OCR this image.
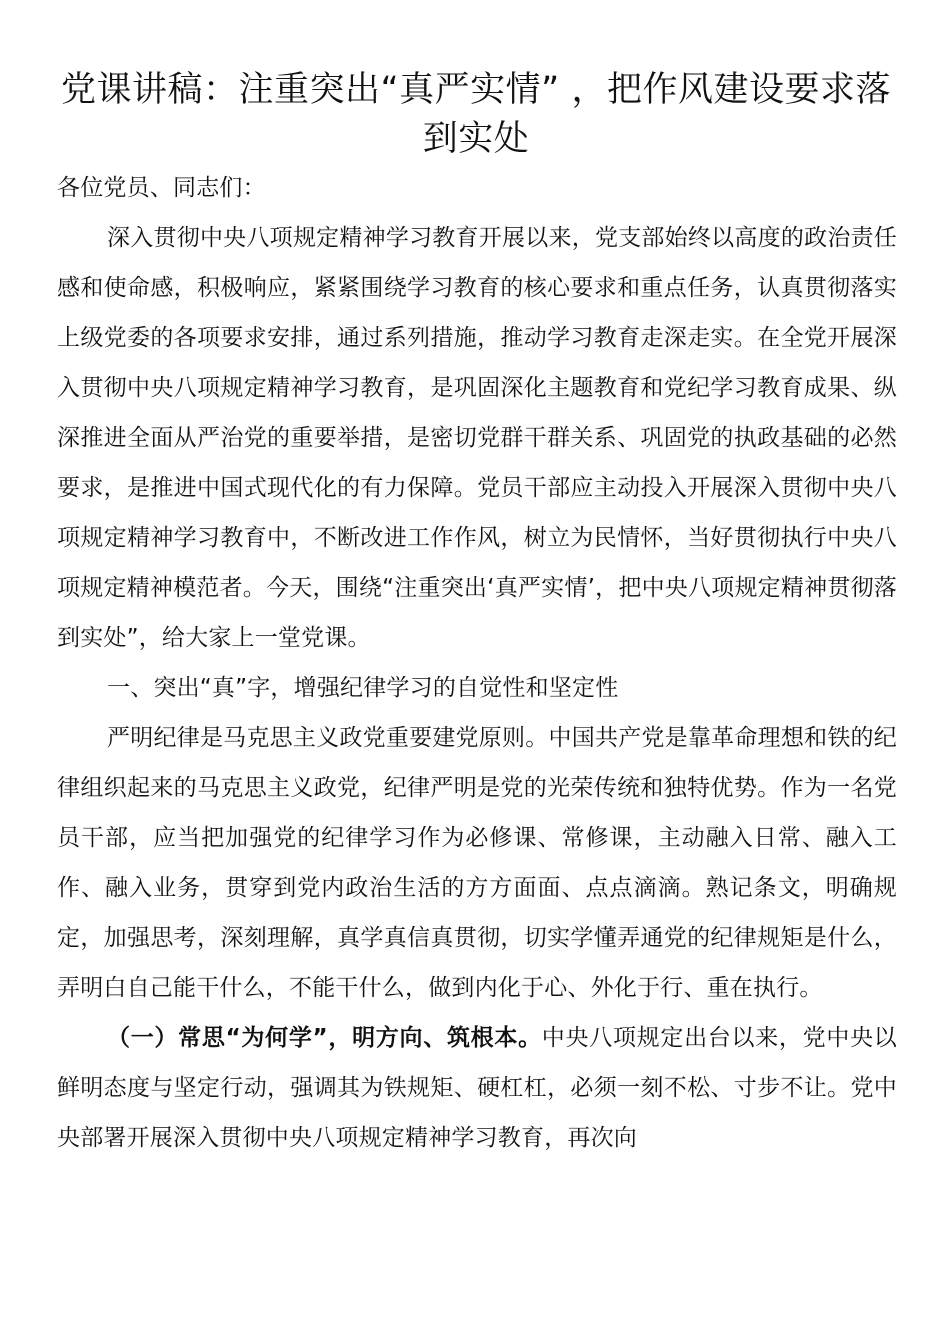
党课讲稿：注重突出“真严实情” ，把作风建设要求落到实处

各位党员、同志们：

深入贯彻中央八项规定精神学习教育开展以来，党支部始终以高度的政治责任感和使命感，积极响应，紧紧围绕学习教育的核心要求和重点任务，认真贯彻落实上级党委的各项要求安排，通过系列措施，推动学习教育走深走实。在全党开展深入贯彻中央八项规定精神学习教育，是巩固深化主题教育和党纪学习教育成果、纵深推进全面从严治党的重要举措，是密切党群干群关系、巩固党的执政基础的必然要求，是推进中国式现代化的有力保障。党员干部应主动投入开展深入贯彻中央八项规定精神学习教育中，不断改进工作作风，树立为民情怀，当好贯彻执行中央八项规定精神模范者。今天，围绕“注重突出‘真严实情’，把中央八项规定精神贯彻落到实处”，给大家上一堂党课。

一、突出“真”字，增强纪律学习的自觉性和坚定性

严明纪律是马克思主义政党重要建党原则。中国共产党是靠革命理想和铁的纪律组织起来的马克思主义政党，纪律严明是党的光荣传统和独特优势。作为一名党员干部，应当把加强党的纪律学习作为必修课、常修课，主动融入日常、融入工作、融入业务，贯穿到党内政治生活的方方面面、点点滴滴。熟记条文，明确规定，加强思考，深刻理解，真学真信真贯彻，切实学懂弄通党的纪律规矩是什么，弄明白自己能干什么，不能干什么，做到内化于心、外化于行、重在执行。

（一）常思“为何学”，明方向、筑根本。中央八项规定出台以来，党中央以鲜明态度与坚定行动，强调其为铁规矩、硬杠杠，必须一刻不松、寸步不让。党中央部署开展深入贯彻中央八项规定精神学习教育，再次向
